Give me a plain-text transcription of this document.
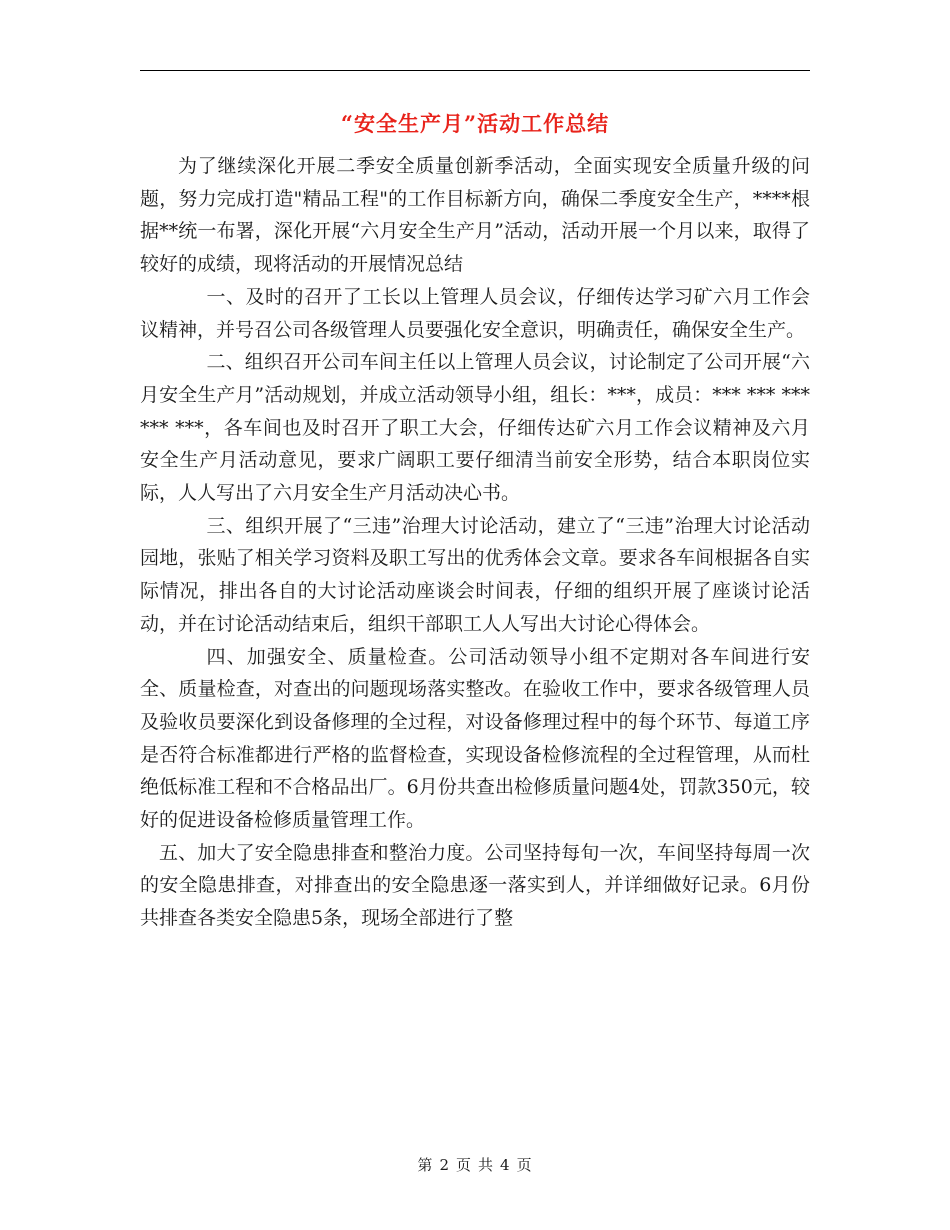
“安全生产月”活动工作总结

为了继续深化开展二季安全质量创新季活动，全面实现安全质量升级的问题，努力完成打造"精品工程"的工作目标新方向，确保二季度安全生产，****根据**统一布署，深化开展“六月安全生产月”活动，活动开展一个月以来，取得了较好的成绩，现将活动的开展情况总结

一、及时的召开了工长以上管理人员会议，仔细传达学习矿六月工作会议精神，并号召公司各级管理人员要强化安全意识，明确责任，确保安全生产。

二、组织召开公司车间主任以上管理人员会议，讨论制定了公司开展“六月安全生产月”活动规划，并成立活动领导小组，组长：***，成员：*** *** *** *** ***，各车间也及时召开了职工大会，仔细传达矿六月工作会议精神及六月安全生产月活动意见，要求广阔职工要仔细清当前安全形势，结合本职岗位实际，人人写出了六月安全生产月活动决心书。

三、组织开展了“三违”治理大讨论活动，建立了“三违”治理大讨论活动园地，张贴了相关学习资料及职工写出的优秀体会文章。要求各车间根据各自实际情况，排出各自的大讨论活动座谈会时间表，仔细的组织开展了座谈讨论活动，并在讨论活动结束后，组织干部职工人人写出大讨论心得体会。

四、加强安全、质量检查。公司活动领导小组不定期对各车间进行安全、质量检查，对查出的问题现场落实整改。在验收工作中，要求各级管理人员及验收员要深化到设备修理的全过程，对设备修理过程中的每个环节、每道工序是否符合标准都进行严格的监督检查，实现设备检修流程的全过程管理，从而杜绝低标准工程和不合格品出厂。6月份共查出检修质量问题4处，罚款350元，较好的促进设备检修质量管理工作。

五、加大了安全隐患排查和整治力度。公司坚持每旬一次，车间坚持每周一次的安全隐患排查，对排查出的安全隐患逐一落实到人，并详细做好记录。6月份共排查各类安全隐患5条，现场全部进行了整

第 2 页 共 4 页
